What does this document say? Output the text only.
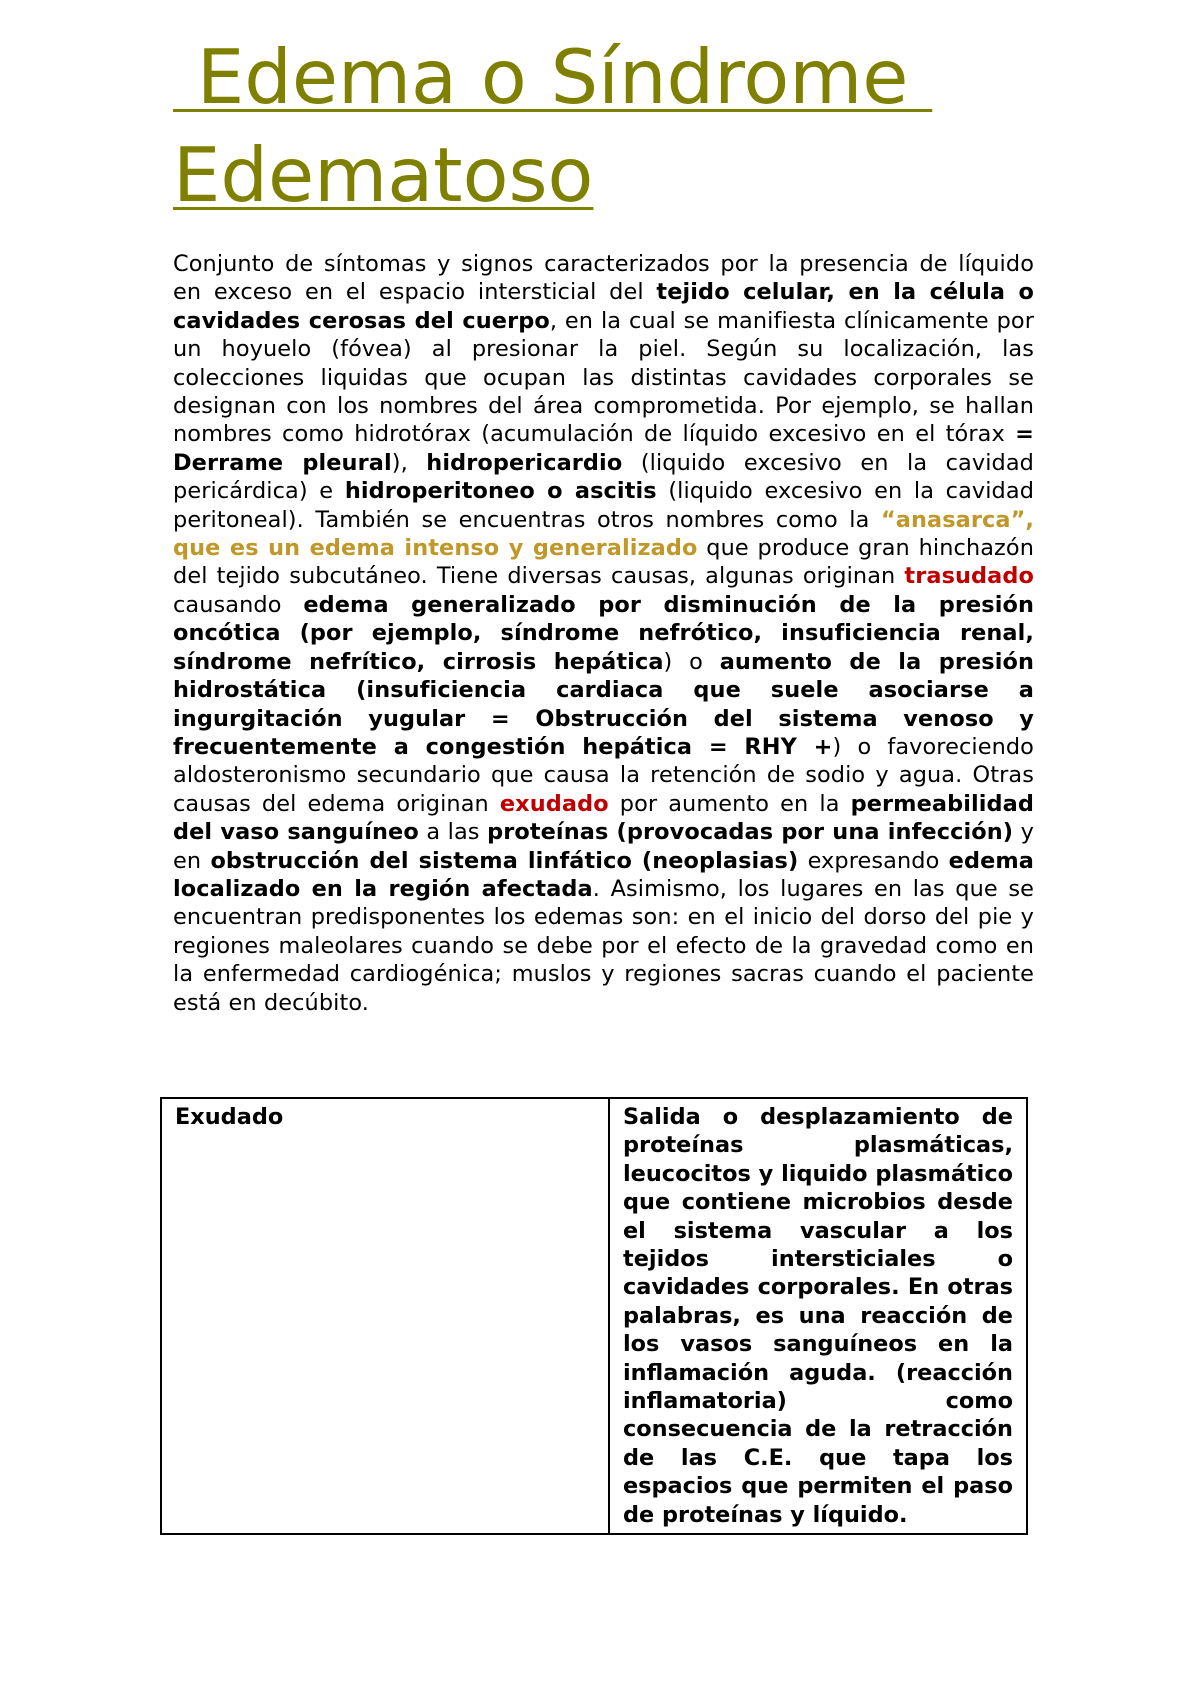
Edema o Síndrome
Edematoso

Conjunto de síntomas y signos caracterizados por la presencia de líquido en exceso en el espacio intersticial del tejido celular, en la célula o cavidades cerosas del cuerpo, en la cual se manifiesta clínicamente por un hoyuelo (fóvea) al presionar la piel. Según su localización, las colecciones liquidas que ocupan las distintas cavidades corporales se designan con los nombres del área comprometida. Por ejemplo, se hallan nombres como hidrotórax (acumulación de líquido excesivo en el tórax = Derrame pleural), hidropericardio (liquido excesivo en la cavidad pericárdica) e hidroperitoneo o ascitis (liquido excesivo en la cavidad peritoneal). También se encuentras otros nombres como la “anasarca”, que es un edema intenso y generalizado que produce gran hinchazón del tejido subcutáneo. Tiene diversas causas, algunas originan trasudado causando edema generalizado por disminución de la presión oncótica (por ejemplo, síndrome nefrótico, insuficiencia renal, síndrome nefrítico, cirrosis hepática) o aumento de la presión hidrostática (insuficiencia cardiaca que suele asociarse a ingurgitación yugular = Obstrucción del sistema venoso y frecuentemente a congestión hepática = RHY +) o favoreciendo aldosteronismo secundario que causa la retención de sodio y agua. Otras causas del edema originan exudado por aumento en la permeabilidad del vaso sanguíneo a las proteínas (provocadas por una infección) y en obstrucción del sistema linfático (neoplasias) expresando edema localizado en la región afectada. Asimismo, los lugares en las que se encuentran predisponentes los edemas son: en el inicio del dorso del pie y regiones maleolares cuando se debe por el efecto de la gravedad como en la enfermedad cardiogénica; muslos y regiones sacras cuando el paciente está en decúbito.

Exudado	Salida o desplazamiento de proteínas plasmáticas, leucocitos y liquido plasmático que contiene microbios desde el sistema vascular a los tejidos intersticiales o cavidades corporales. En otras palabras, es una reacción de los vasos sanguíneos en la inflamación aguda. (reacción inflamatoria) como consecuencia de la retracción de las C.E. que tapa los espacios que permiten el paso de proteínas y líquido.
